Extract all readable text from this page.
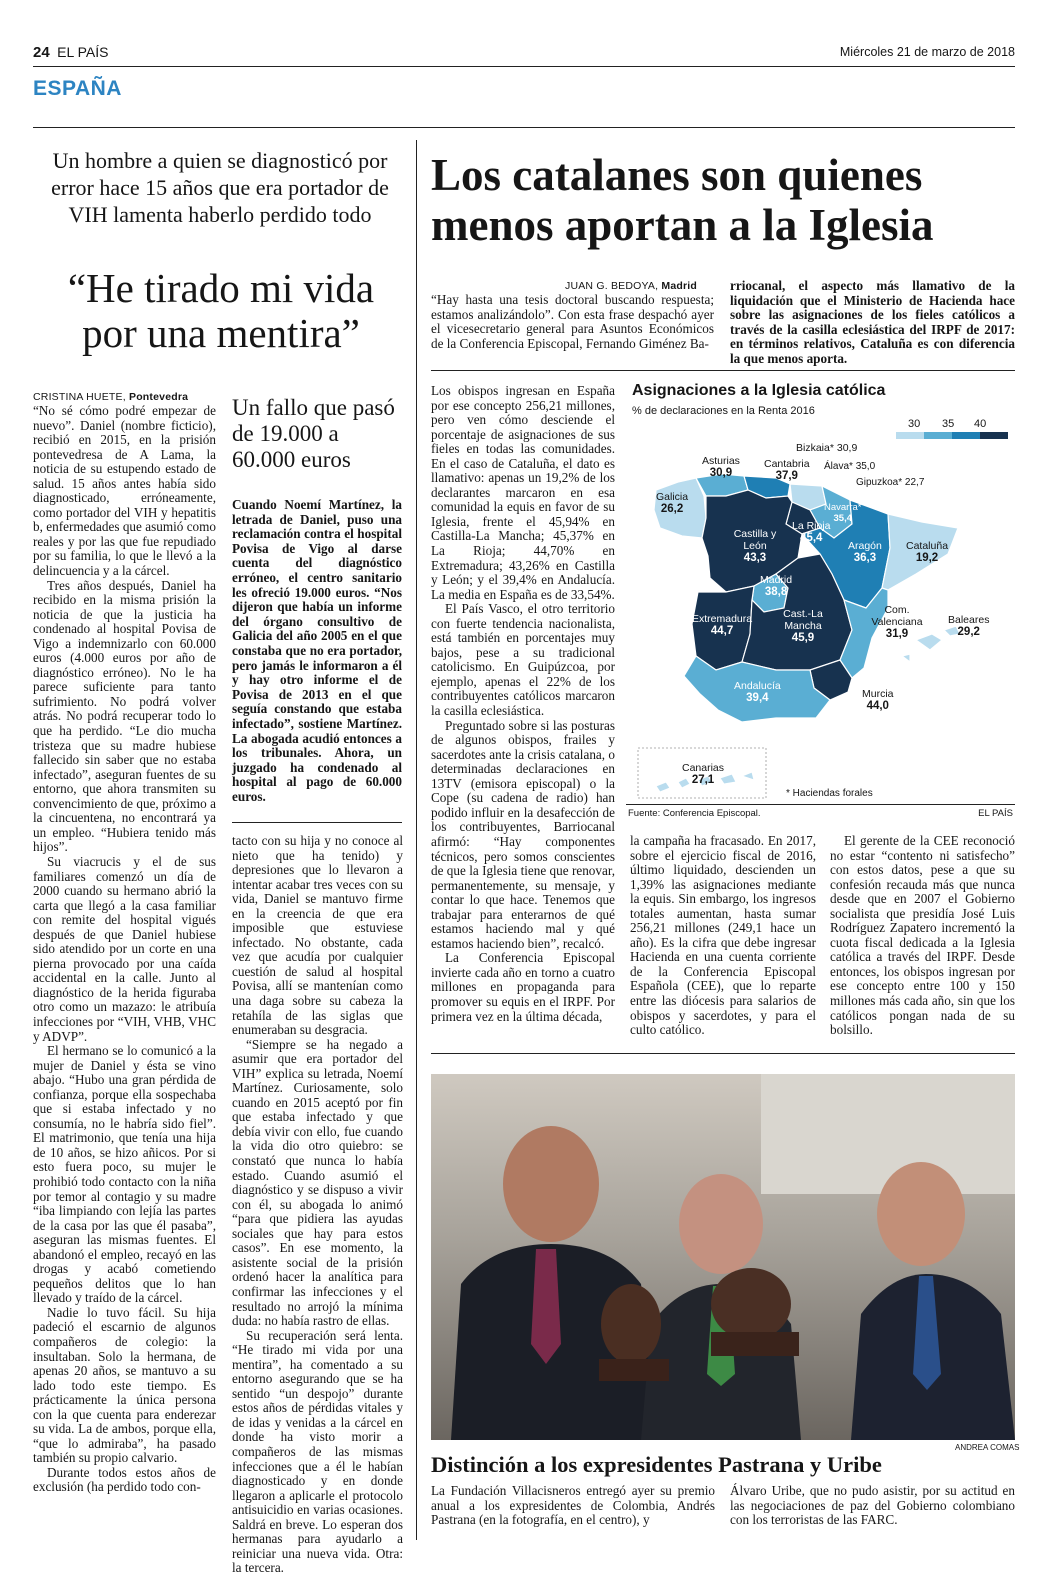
24 EL PAÍS	Miércoles 21 de marzo de 2018
ESPAÑA
Un hombre a quien se diagnosticó por error hace 15 años que era portador de VIH lamenta haberlo perdido todo
“He tirado mi vida por una mentira”
CRISTINA HUETE, Pontevedra

“No sé cómo podré empezar de nuevo”. Daniel (nombre ficticio), recibió en 2015, en la prisión pontevedresa de A Lama, la noticia de su estupendo estado de salud. 15 años antes había sido diagnosticado, erróneamente, como portador del VIH y hepatitis b, enfermedades que asumió como reales y por las que fue repudiado por su familia, lo que le llevó a la delincuencia y a la cárcel.

Tres años después, Daniel ha recibido en la misma prisión la noticia de que la justicia ha condenado al hospital Povisa de Vigo a indemnizarlo con 60.000 euros (4.000 euros por año de diagnóstico erróneo). No le ha parece suficiente para tanto sufrimiento. No podrá volver atrás. No podrá recuperar todo lo que ha perdido. “Le dio mucha tristeza que su madre hubiese fallecido sin saber que no estaba infectado”, aseguran fuentes de su entorno, que ahora transmiten su convencimiento de que, próximo a la cincuentena, no encontrará ya un empleo. “Hubiera tenido más hijos”.

Su viacrucis y el de sus familiares comenzó un día de 2000 cuando su hermano abrió la carta que llegó a la casa familiar con remite del hospital vigués después de que Daniel hubiese sido atendido por un corte en una pierna provocado por una caída accidental en la calle. Junto al diagnóstico de la herida figuraba otro como un mazazo: le atribuía infecciones por “VIH, VHB, VHC y ADVP”.

El hermano se lo comunicó a la mujer de Daniel y ésta se vino abajo. “Hubo una gran pérdida de confianza, porque ella sospechaba que si estaba infectado y no consumía, no le habría sido fiel”. El matrimonio, que tenía una hija de 10 años, se hizo añicos. Por si esto fuera poco, su mujer le prohibió todo contacto con la niña por temor al contagio y su madre “iba limpiando con lejía las partes de la casa por las que él pasaba”, aseguran las mismas fuentes. El abandonó el empleo, recayó en las drogas y acabó cometiendo pequeños delitos que lo han llevado y traído de la cárcel.

Nadie lo tuvo fácil. Su hija padeció el escarnio de algunos compañeros de colegio: la insultaban. Solo la hermana, de apenas 20 años, se mantuvo a su lado todo este tiempo. Es prácticamente la única persona con la que cuenta para enderezar su vida. La de ambos, porque ella, “que lo admiraba”, ha pasado también su propio calvario.

Durante todos estos años de exclusión (ha perdido todo con-

Un fallo que pasó de 19.000 a 60.000 euros
Cuando Noemí Martínez, la letrada de Daniel, puso una reclamación contra el hospital Povisa de Vigo al darse cuenta del diagnóstico erróneo, el centro sanitario les ofreció 19.000 euros. “Nos dijeron que había un informe del órgano consultivo de Galicia del año 2005 en el que constaba que no era portador, pero jamás le informaron a él y hay otro informe el de Povisa de 2013 en el que seguía constando que estaba infectado”, sostiene Martínez. La abogada acudió entonces a los tribunales. Ahora, un juzgado ha condenado al hospital al pago de 60.000 euros.

tacto con su hija y no conoce al nieto que ha tenido) y depresiones que lo llevaron a intentar acabar tres veces con su vida, Daniel se mantuvo firme en la creencia de que era imposible que estuviese infectado. No obstante, cada vez que acudía por cualquier cuestión de salud al hospital Povisa, allí se mantenían como una daga sobre su cabeza la retahíla de las siglas que enumeraban su desgracia.

“Siempre se ha negado a asumir que era portador del VIH” explica su letrada, Noemí Martínez. Curiosamente, solo cuando en 2015 aceptó por fin que estaba infectado y que debía vivir con ello, fue cuando la vida dio otro quiebro: se constató que nunca lo había estado. Cuando asumió el diagnóstico y se dispuso a vivir con él, su abogada lo animó “para que pidiera las ayudas sociales que hay para estos casos”. En ese momento, la asistente social de la prisión ordenó hacer la analítica para confirmar las infecciones y el resultado no arrojó la mínima duda: no había rastro de ellas.

Su recuperación será lenta. “He tirado mi vida por una mentira”, ha comentado a su entorno asegurando que se ha sentido “un despojo” durante estos años de pérdidas vitales y de idas y venidas a la cárcel en donde ha visto morir a compañeros de las mismas infecciones que a él le habían diagnosticado y en donde llegaron a aplicarle el protocolo antisuicidio en varias ocasiones. Saldrá en breve. Lo esperan dos hermanas para ayudarlo a reiniciar una nueva vida. Otra: la tercera.

Los catalanes son quienes menos aportan a la Iglesia
JUAN G. BEDOYA, Madrid
“Hay hasta una tesis doctoral buscando respuesta; estamos analizándolo”. Con esta frase despachó ayer el vicesecretario general para Asuntos Económicos de la Conferencia Episcopal, Fernando Giménez Ba-
rriocanal, el aspecto más llamativo de la liquidación que el Ministerio de Hacienda hace sobre las asignaciones de los fieles católicos a través de la casilla eclesiástica del IRPF de 2017: en términos relativos, Cataluña es con diferencia la que menos aporta.

Los obispos ingresan en España por ese concepto 256,21 millones, pero ven cómo desciende el porcentaje de asignaciones de sus fieles en todas las comunidades. En el caso de Cataluña, el dato es llamativo: apenas un 19,2% de los declarantes marcaron en esa comunidad la equis en favor de su Iglesia, frente el 45,94% en Castilla-La Mancha; 45,37% en La Rioja; 44,70% en Extremadura; 43,26% en Castilla y León; y el 39,4% en Andalucía. La media en España es de 33,54%.

El País Vasco, el otro territorio con fuerte tendencia nacionalista, está también en porcentajes muy bajos, pese a su tradicional catolicismo. En Guipúzcoa, por ejemplo, apenas el 22% de los contribuyentes católicos marcaron la casilla eclesiástica.

Preguntado sobre si las posturas de algunos obispos, frailes y sacerdotes ante la crisis catalana, o determinadas declaraciones en 13TV (emisora episcopal) o la Cope (su cadena de radio) han podido influir en la desafección de los contribuyentes, Barriocanal afirmó: “Hay componentes técnicos, pero somos conscientes de que la Iglesia tiene que renovar, permanentemente, su mensaje, y contar lo que hace. Tenemos que trabajar para enterarnos de qué estamos haciendo mal y qué estamos haciendo bien”, recalcó.

La Conferencia Episcopal invierte cada año en torno a cuatro millones en propaganda para promover su equis en el IRPF. Por primera vez en la última década,

Asignaciones a la Iglesia católica
% de declaraciones en la Renta 2016
30 35 40
Galicia
26,2
Asturias
30,9
Cantabria
37,9
Bizkaia* 30,9
Álava* 35,0
Gipuzkoa* 22,7
Navarra*
35,4
La Rioja
45,4
Castilla y León
43,3
Aragón
36,3
Cataluña
19,2
Madrid
38,8
Extremadura
44,7
Cast.-La Mancha
45,9
Com. Valenciana
31,9
Baleares
29,2
Andalucía
39,4	Murcia
44,0
Canarias
27,1
* Haciendas forales
Fuente: Conferencia Episcopal.	EL PAÍS

la campaña ha fracasado. En 2017, sobre el ejercicio fiscal de 2016, último liquidado, descienden un 1,39% las asignaciones mediante la equis. Sin embargo, los ingresos totales aumentan, hasta sumar 256,21 millones (249,1 hace un año). Es la cifra que debe ingresar Hacienda en una cuenta corriente de la Conferencia Episcopal Española (CEE), que lo reparte entre las diócesis para salarios de obispos y sacerdotes, y para el culto católico.

El gerente de la CEE reconoció no estar “contento ni satisfecho” con estos datos, pese a que su confesión recauda más que nunca desde que en 2007 el Gobierno socialista que presidía José Luis Rodríguez Zapatero incrementó la cuota fiscal dedicada a la Iglesia católica a través del IRPF. Desde entonces, los obispos ingresan por ese concepto entre 100 y 150 millones más cada año, sin que los católicos pongan nada de su bolsillo.

ANDREA COMAS
Distinción a los expresidentes Pastrana y Uribe

La Fundación Villacisneros entregó ayer su premio anual a los expresidentes de Colombia, Andrés Pastrana (en la fotografía, en el centro), y

Álvaro Uribe, que no pudo asistir, por su actitud en las negociaciones de paz del Gobierno colombiano con los terroristas de las FARC.
